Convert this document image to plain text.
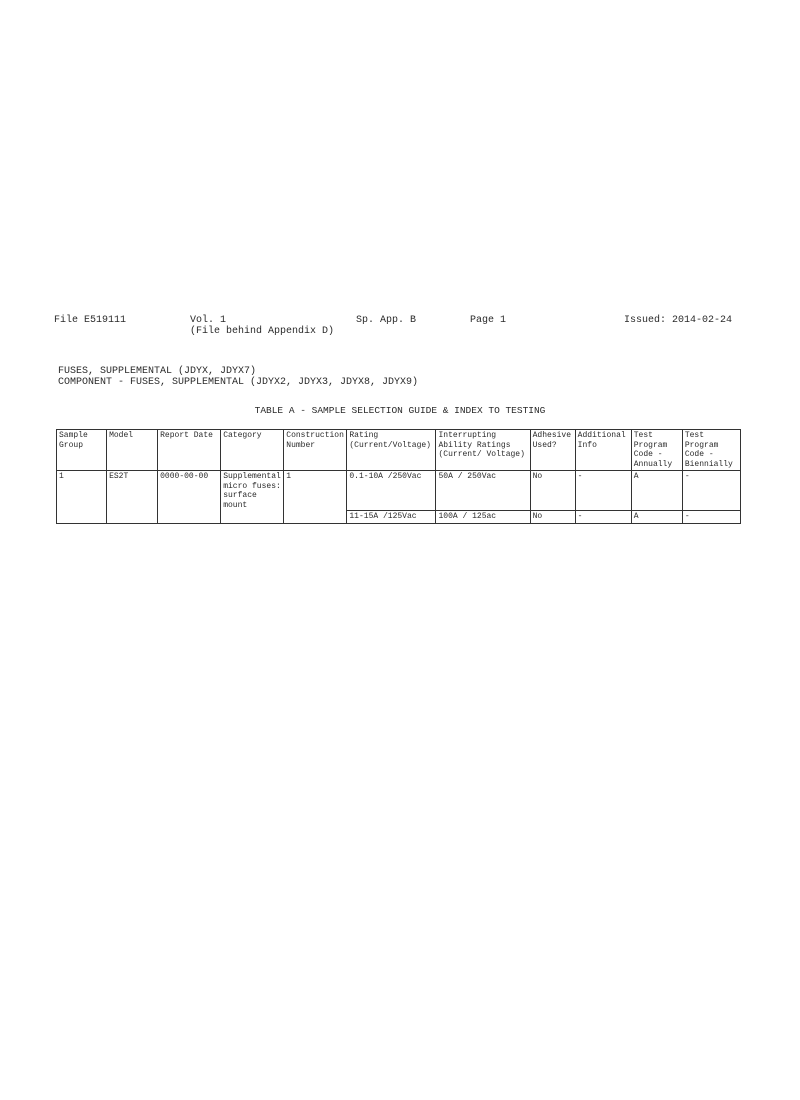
File E519111	Vol. 1
(File behind Appendix D)
Sp. App. B	Page 1	Issued: 2014-02-24
FUSES, SUPPLEMENTAL (JDYX, JDYX7)
COMPONENT - FUSES, SUPPLEMENTAL (JDYX2, JDYX3, JDYX8, JDYX9)
TABLE A - SAMPLE SELECTION GUIDE & INDEX TO TESTING
Sample Group	Model	Report Date	Category	Construction Number	Rating (Current/Voltage)	Interrupting Ability Ratings (Current/ Voltage)	Adhesive Used?	Additional Info	Test Program Code - Annually	Test Program Code - Biennially
1	ES2T	0000-00-00	Supplemental micro fuses: surface mount	1	0.1-10A /250Vac	50A / 250Vac	No	-	A	-
					11-15A /125Vac	100A / 125ac	No	-	A	-
